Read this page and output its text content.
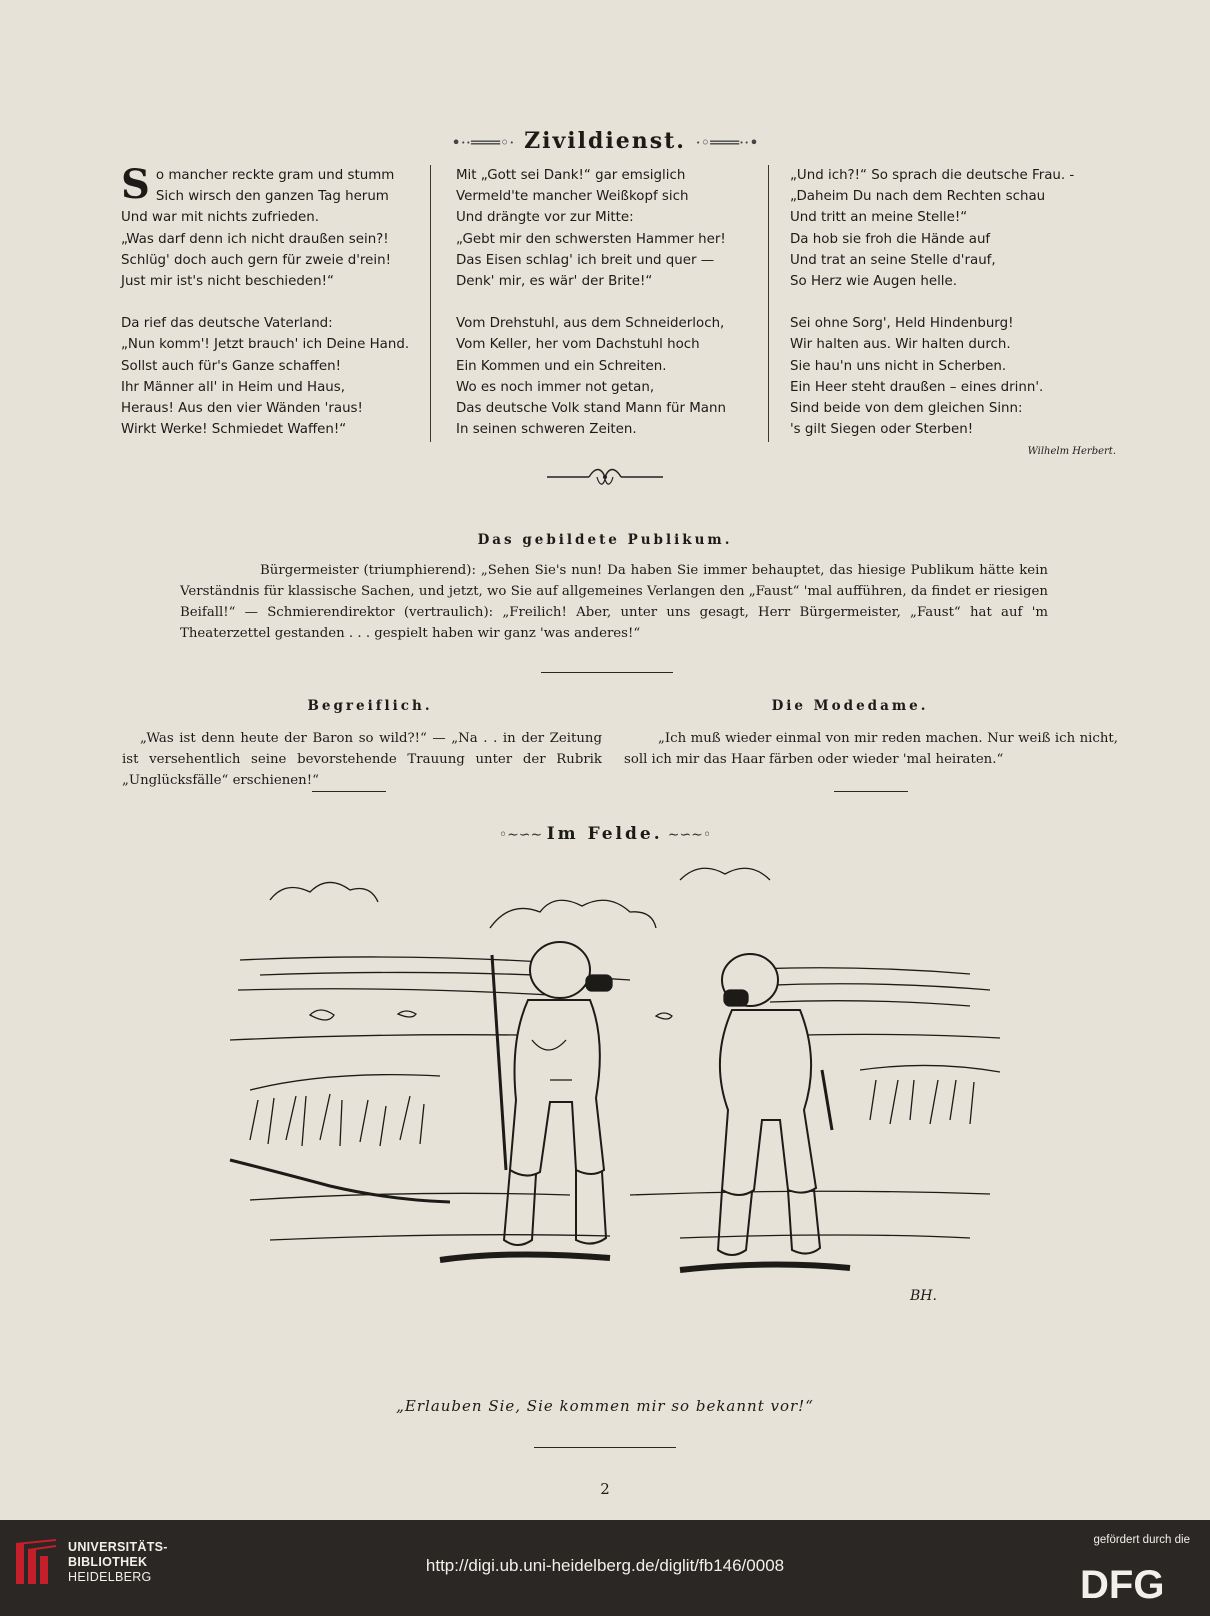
•··═══◦· Zivildienst. ·◦═══··•
So mancher reckte gram und stumm
Sich wirsch den ganzen Tag herum
Und war mit nichts zufrieden.
„Was darf denn ich nicht draußen sein?!
Schlüg' doch auch gern für zweie d'rein!
Just mir ist's nicht beschieden!“
Da rief das deutsche Vaterland:
„Nun komm'! Jetzt brauch' ich Deine Hand.
Sollst auch für's Ganze schaffen!
Ihr Männer all' in Heim und Haus,
Heraus! Aus den vier Wänden 'raus!
Wirkt Werke! Schmiedet Waffen!“
Mit „Gott sei Dank!“ gar emsiglich
Vermeld'te mancher Weißkopf sich
Und drängte vor zur Mitte:
„Gebt mir den schwersten Hammer her!
Das Eisen schlag' ich breit und quer —
Denk' mir, es wär' der Brite!“
Vom Drehstuhl, aus dem Schneiderloch,
Vom Keller, her vom Dachstuhl hoch
Ein Kommen und ein Schreiten.
Wo es noch immer not getan,
Das deutsche Volk stand Mann für Mann
In seinen schweren Zeiten.
„Und ich?!“ So sprach die deutsche Frau. -
„Daheim Du nach dem Rechten schau
Und tritt an meine Stelle!“
Da hob sie froh die Hände auf
Und trat an seine Stelle d'rauf,
So Herz wie Augen helle.
Sei ohne Sorg', Held Hindenburg!
Wir halten aus. Wir halten durch.
Sie hau'n uns nicht in Scherben.
Ein Heer steht draußen – eines drinn'.
Sind beide von dem gleichen Sinn:
's gilt Siegen oder Sterben!
Wilhelm Herbert.
Das gebildete Publikum.
Bürgermeister (triumphierend): „Sehen Sie's nun! Da haben Sie immer behauptet, das hiesige Publikum hätte kein Verständnis für klassische Sachen, und jetzt, wo Sie auf allgemeines Verlangen den „Faust“ 'mal aufführen, da findet er riesigen Beifall!“ — Schmierendirektor (vertraulich): „Freilich! Aber, unter uns gesagt, Herr Bürgermeister, „Faust“ hat auf 'm Theaterzettel gestanden . . . gespielt haben wir ganz 'was anderes!“
Begreiflich.
„Was ist denn heute der Baron so wild?!“ — „Na . . in der Zeitung ist versehentlich seine bevorstehende Trauung unter der Rubrik „Unglücksfälle“ erschienen!“
Die Modedame.
„Ich muß wieder einmal von mir reden machen. Nur weiß ich nicht, soll ich mir das Haar färben oder wieder 'mal heiraten.“
◦∼∽∼ Im Felde. ∼∽∼◦
BH.
„Erlauben Sie, Sie kommen mir so bekannt vor!“
2
UNIVERSITÄTS-
BIBLIOTHEK
HEIDELBERG
http://digi.ub.uni-heidelberg.de/diglit/fb146/0008
gefördert durch die
DFG
